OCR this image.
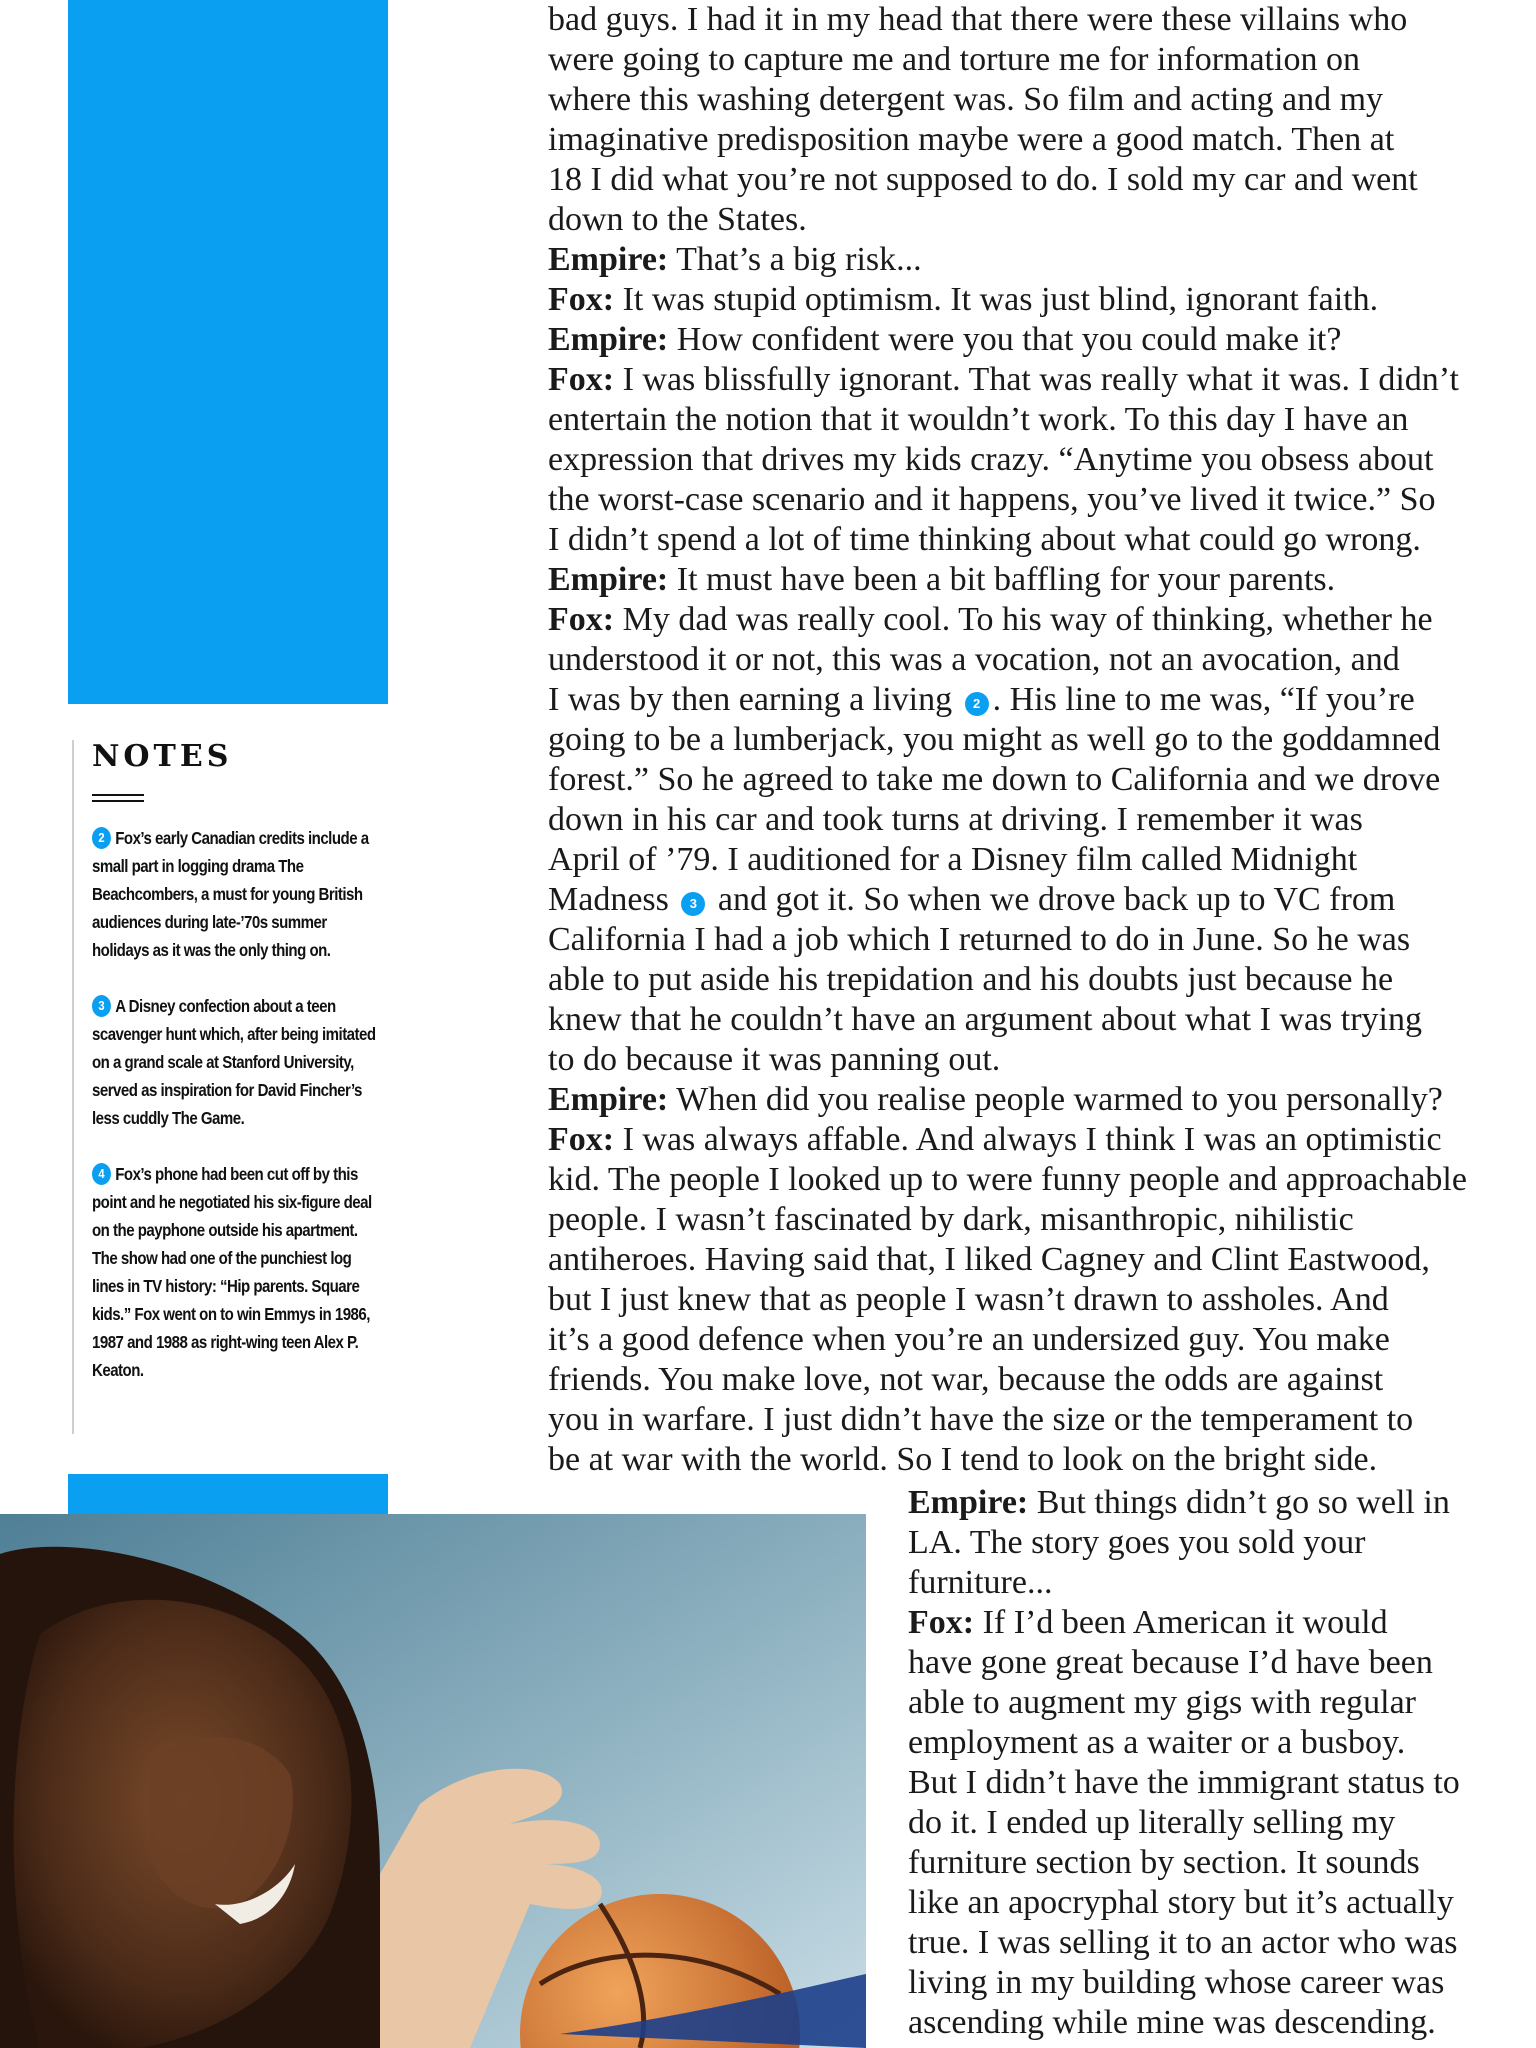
NOTES
2 Fox’s early Canadian credits include a small part in logging drama The Beachcombers, a must for young British audiences during late-’70s summer holidays as it was the only thing on.
3 A Disney confection about a teen scavenger hunt which, after being imitated on a grand scale at Stanford University, served as inspiration for David Fincher’s less cuddly The Game.
4 Fox’s phone had been cut off by this point and he negotiated his six-figure deal on the payphone outside his apartment. The show had one of the punchiest log lines in TV history: “Hip parents. Square kids.” Fox went on to win Emmys in 1986, 1987 and 1988 as right-wing teen Alex P. Keaton.
bad guys. I had it in my head that there were these villains who
were going to capture me and torture me for information on
where this washing detergent was. So film and acting and my
imaginative predisposition maybe were a good match. Then at
18 I did what you’re not supposed to do. I sold my car and went
down to the States.
Empire: That’s a big risk...
Fox: It was stupid optimism. It was just blind, ignorant faith.
Empire: How confident were you that you could make it?
Fox: I was blissfully ignorant. That was really what it was. I didn’t
entertain the notion that it wouldn’t work. To this day I have an
expression that drives my kids crazy. “Anytime you obsess about
the worst-case scenario and it happens, you’ve lived it twice.” So
I didn’t spend a lot of time thinking about what could go wrong.
Empire: It must have been a bit baffling for your parents.
Fox: My dad was really cool. To his way of thinking, whether he
understood it or not, this was a vocation, not an avocation, and
I was by then earning a living 2 . His line to me was, “If you’re
going to be a lumberjack, you might as well go to the goddamned
forest.” So he agreed to take me down to California and we drove
down in his car and took turns at driving. I remember it was
April of ’79. I auditioned for a Disney film called Midnight
Madness 3 and got it. So when we drove back up to VC from
California I had a job which I returned to do in June. So he was
able to put aside his trepidation and his doubts just because he
knew that he couldn’t have an argument about what I was trying
to do because it was panning out.
Empire: When did you realise people warmed to you personally?
Fox: I was always affable. And always I think I was an optimistic
kid. The people I looked up to were funny people and approachable
people. I wasn’t fascinated by dark, misanthropic, nihilistic
antiheroes. Having said that, I liked Cagney and Clint Eastwood,
but I just knew that as people I wasn’t drawn to assholes. And
it’s a good defence when you’re an undersized guy. You make
friends. You make love, not war, because the odds are against
you in warfare. I just didn’t have the size or the temperament to
be at war with the world. So I tend to look on the bright side.
Empire: But things didn’t go so well in
LA. The story goes you sold your
furniture...
Fox: If I’d been American it would
have gone great because I’d have been
able to augment my gigs with regular
employment as a waiter or a busboy.
But I didn’t have the immigrant status to
do it. I ended up literally selling my
furniture section by section. It sounds
like an apocryphal story but it’s actually
true. I was selling it to an actor who was
living in my building whose career was
ascending while mine was descending.
